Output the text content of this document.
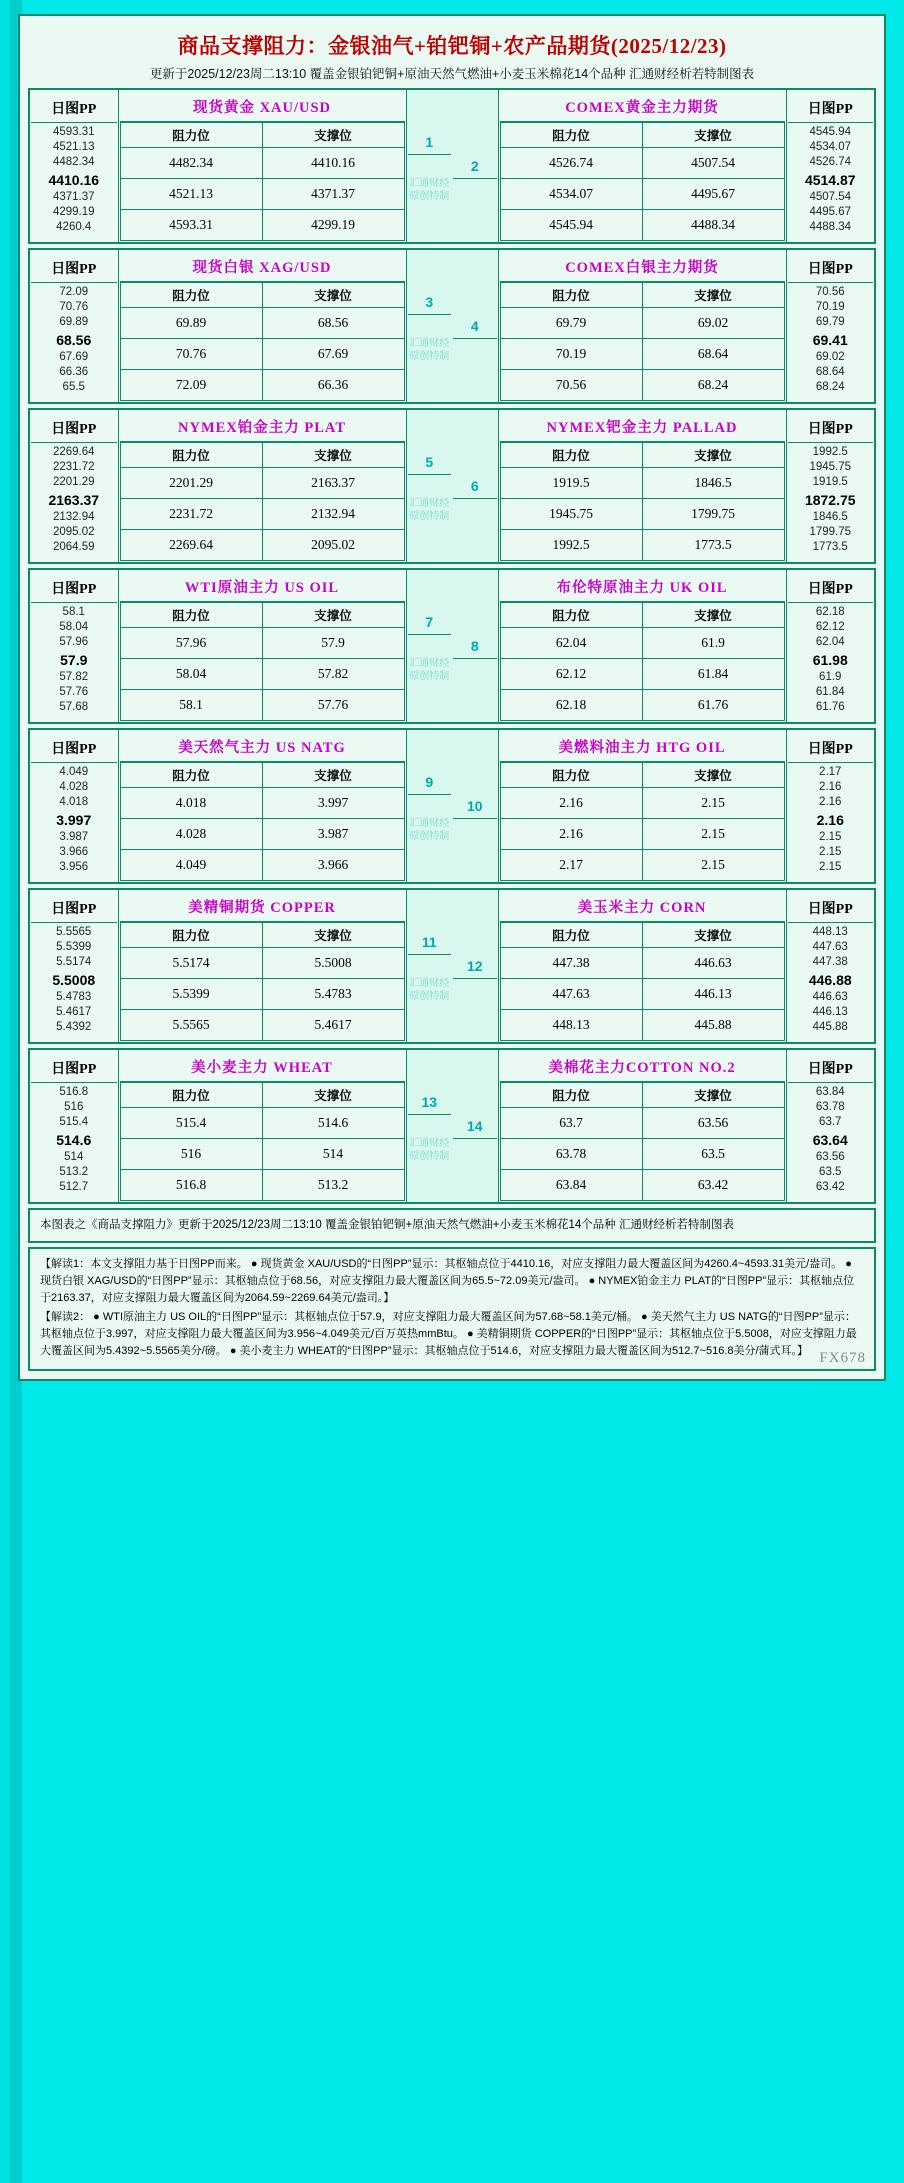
商品支撑阻力：金银油气+铂钯铜+农产品期货(2025/12/23)
更新于2025/12/23周二13:10 覆盖金银铂钯铜+原油天然气燃油+小麦玉米棉花14个品种 汇通财经析若特制图表
日图PP
4593.31
4521.13
4482.34
4410.16
4371.37
4299.19
4260.4

现货黄金 XAU/USD
阻力位	支撑位
4482.34	4410.16
4521.13	4371.37
4593.31	4299.19

1
汇通财经
原创特制

2

COMEX黄金主力期货
阻力位	支撑位
4526.74	4507.54
4534.07	4495.67
4545.94	4488.34

日图PP
4545.94
4534.07
4526.74
4514.87
4507.54
4495.67
4488.34
日图PP
72.09
70.76
69.89
68.56
67.69
66.36
65.5

现货白银 XAG/USD
阻力位	支撑位
69.89	68.56
70.76	67.69
72.09	66.36

3
汇通财经
原创特制

4

COMEX白银主力期货
阻力位	支撑位
69.79	69.02
70.19	68.64
70.56	68.24

日图PP
70.56
70.19
69.79
69.41
69.02
68.64
68.24
日图PP
2269.64
2231.72
2201.29
2163.37
2132.94
2095.02
2064.59

NYMEX铂金主力 PLAT
阻力位	支撑位
2201.29	2163.37
2231.72	2132.94
2269.64	2095.02

5
汇通财经
原创特制

6

NYMEX钯金主力 PALLAD
阻力位	支撑位
1919.5	1846.5
1945.75	1799.75
1992.5	1773.5

日图PP
1992.5
1945.75
1919.5
1872.75
1846.5
1799.75
1773.5
日图PP
58.1
58.04
57.96
57.9
57.82
57.76
57.68

WTI原油主力 US OIL
阻力位	支撑位
57.96	57.9
58.04	57.82
58.1	57.76

7
汇通财经
原创特制

8

布伦特原油主力 UK OIL
阻力位	支撑位
62.04	61.9
62.12	61.84
62.18	61.76

日图PP
62.18
62.12
62.04
61.98
61.9
61.84
61.76
日图PP
4.049
4.028
4.018
3.997
3.987
3.966
3.956

美天然气主力 US NATG
阻力位	支撑位
4.018	3.997
4.028	3.987
4.049	3.966

9
汇通财经
原创特制

10

美燃料油主力 HTG OIL
阻力位	支撑位
2.16	2.15
2.16	2.15
2.17	2.15

日图PP
2.17
2.16
2.16
2.16
2.15
2.15
2.15
日图PP
5.5565
5.5399
5.5174
5.5008
5.4783
5.4617
5.4392

美精铜期货 COPPER
阻力位	支撑位
5.5174	5.5008
5.5399	5.4783
5.5565	5.4617

11
汇通财经
原创特制

12

美玉米主力 CORN
阻力位	支撑位
447.38	446.63
447.63	446.13
448.13	445.88

日图PP
448.13
447.63
447.38
446.88
446.63
446.13
445.88
日图PP
516.8
516
515.4
514.6
514
513.2
512.7

美小麦主力 WHEAT
阻力位	支撑位
515.4	514.6
516	514
516.8	513.2

13
汇通财经
原创特制

14

美棉花主力COTTON NO.2
阻力位	支撑位
63.7	63.56
63.78	63.5
63.84	63.42

日图PP
63.84
63.78
63.7
63.64
63.56
63.5
63.42
本图表之《商品支撑阻力》更新于2025/12/23周二13:10 覆盖金银铂钯铜+原油天然气燃油+小麦玉米棉花14个品种 汇通财经析若特制图表

【解读1：本文支撑阻力基于日图PP而来。 ● 现货黄金 XAU/USD的“日图PP”显示：其枢轴点位于4410.16，对应支撑阻力最大覆盖区间为4260.4~4593.31美元/盎司。 ● 现货白银 XAG/USD的“日图PP”显示：其枢轴点位于68.56，对应支撑阻力最大覆盖区间为65.5~72.09美元/盎司。 ● NYMEX铂金主力 PLAT的“日图PP”显示：其枢轴点位于2163.37，对应支撑阻力最大覆盖区间为2064.59~2269.64美元/盎司。】

【解读2： ● WTI原油主力 US OIL的“日图PP”显示：其枢轴点位于57.9，对应支撑阻力最大覆盖区间为57.68~58.1美元/桶。 ● 美天然气主力 US NATG的“日图PP”显示：其枢轴点位于3.997，对应支撑阻力最大覆盖区间为3.956~4.049美元/百万英热mmBtu。 ● 美精铜期货 COPPER的“日图PP”显示：其枢轴点位于5.5008，对应支撑阻力最大覆盖区间为5.4392~5.5565美分/磅。 ● 美小麦主力 WHEAT的“日图PP”显示：其枢轴点位于514.6，对应支撑阻力最大覆盖区间为512.7~516.8美分/蒲式耳。】 FX678
